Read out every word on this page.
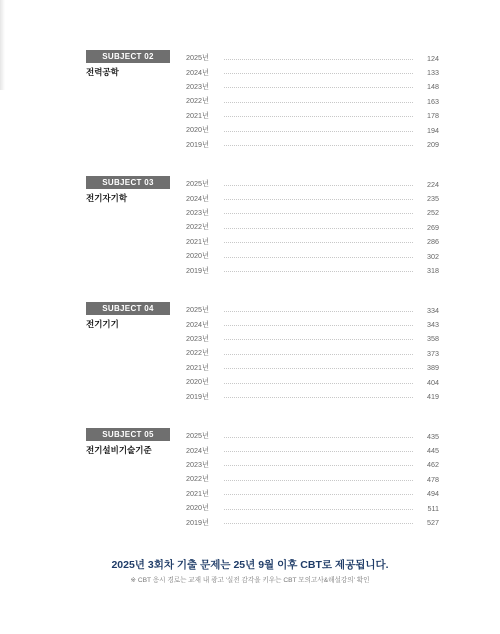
SUBJECT 02
전력공학
2025년	124
2024년	133
2023년	148
2022년	163
2021년	178
2020년	194
2019년	209
SUBJECT 03
전기자기학
2025년	224
2024년	235
2023년	252
2022년	269
2021년	286
2020년	302
2019년	318
SUBJECT 04
전기기기
2025년	334
2024년	343
2023년	358
2022년	373
2021년	389
2020년	404
2019년	419
SUBJECT 05
전기설비기술기준
2025년	435
2024년	445
2023년	462
2022년	478
2021년	494
2020년	511
2019년	527
2025년 3회차 기출 문제는 25년 9월 이후 CBT로 제공됩니다.
※ CBT 응시 경로는 교재 내 광고 '실전 감각을 키우는 CBT 모의고사&해설강의' 확인
